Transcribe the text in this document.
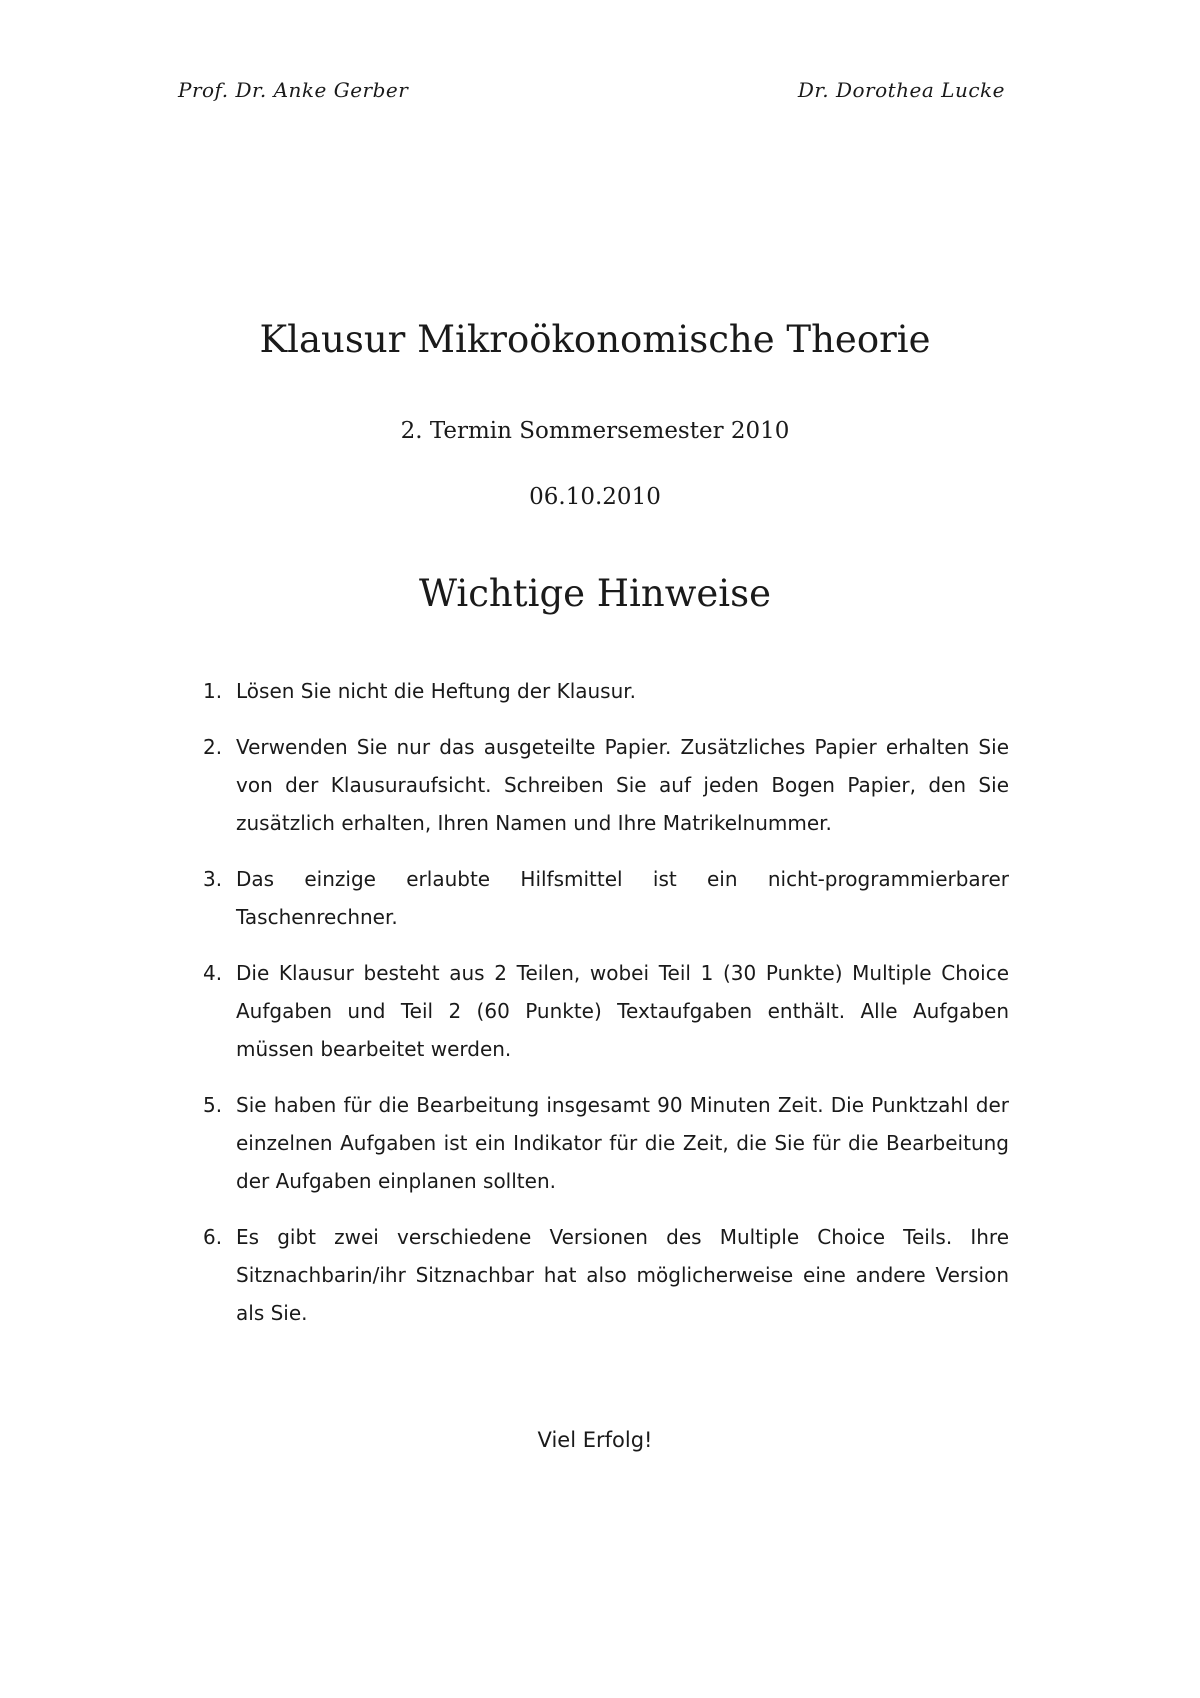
Prof. Dr. Anke Gerber	Dr. Dorothea Lucke
Klausur Mikroökonomische Theorie
2. Termin Sommersemester 2010
06.10.2010
Wichtige Hinweise
1. Lösen Sie nicht die Heftung der Klausur.
2. Verwenden Sie nur das ausgeteilte Papier. Zusätzliches Papier erhalten Sie von der Klausuraufsicht. Schreiben Sie auf jeden Bogen Papier, den Sie zusätzlich erhalten, Ihren Namen und Ihre Matrikelnummer.
3. Das einzige erlaubte Hilfsmittel ist ein nicht-programmierbarer Taschenrechner.
4. Die Klausur besteht aus 2 Teilen, wobei Teil 1 (30 Punkte) Multiple Choice Aufgaben und Teil 2 (60 Punkte) Textaufgaben enthält. Alle Aufgaben müssen bearbeitet werden.
5. Sie haben für die Bearbeitung insgesamt 90 Minuten Zeit. Die Punktzahl der einzelnen Aufgaben ist ein Indikator für die Zeit, die Sie für die Bearbeitung der Aufgaben einplanen sollten.
6. Es gibt zwei verschiedene Versionen des Multiple Choice Teils. Ihre Sitznachbarin/ihr Sitznachbar hat also möglicherweise eine andere Version als Sie.
Viel Erfolg!
